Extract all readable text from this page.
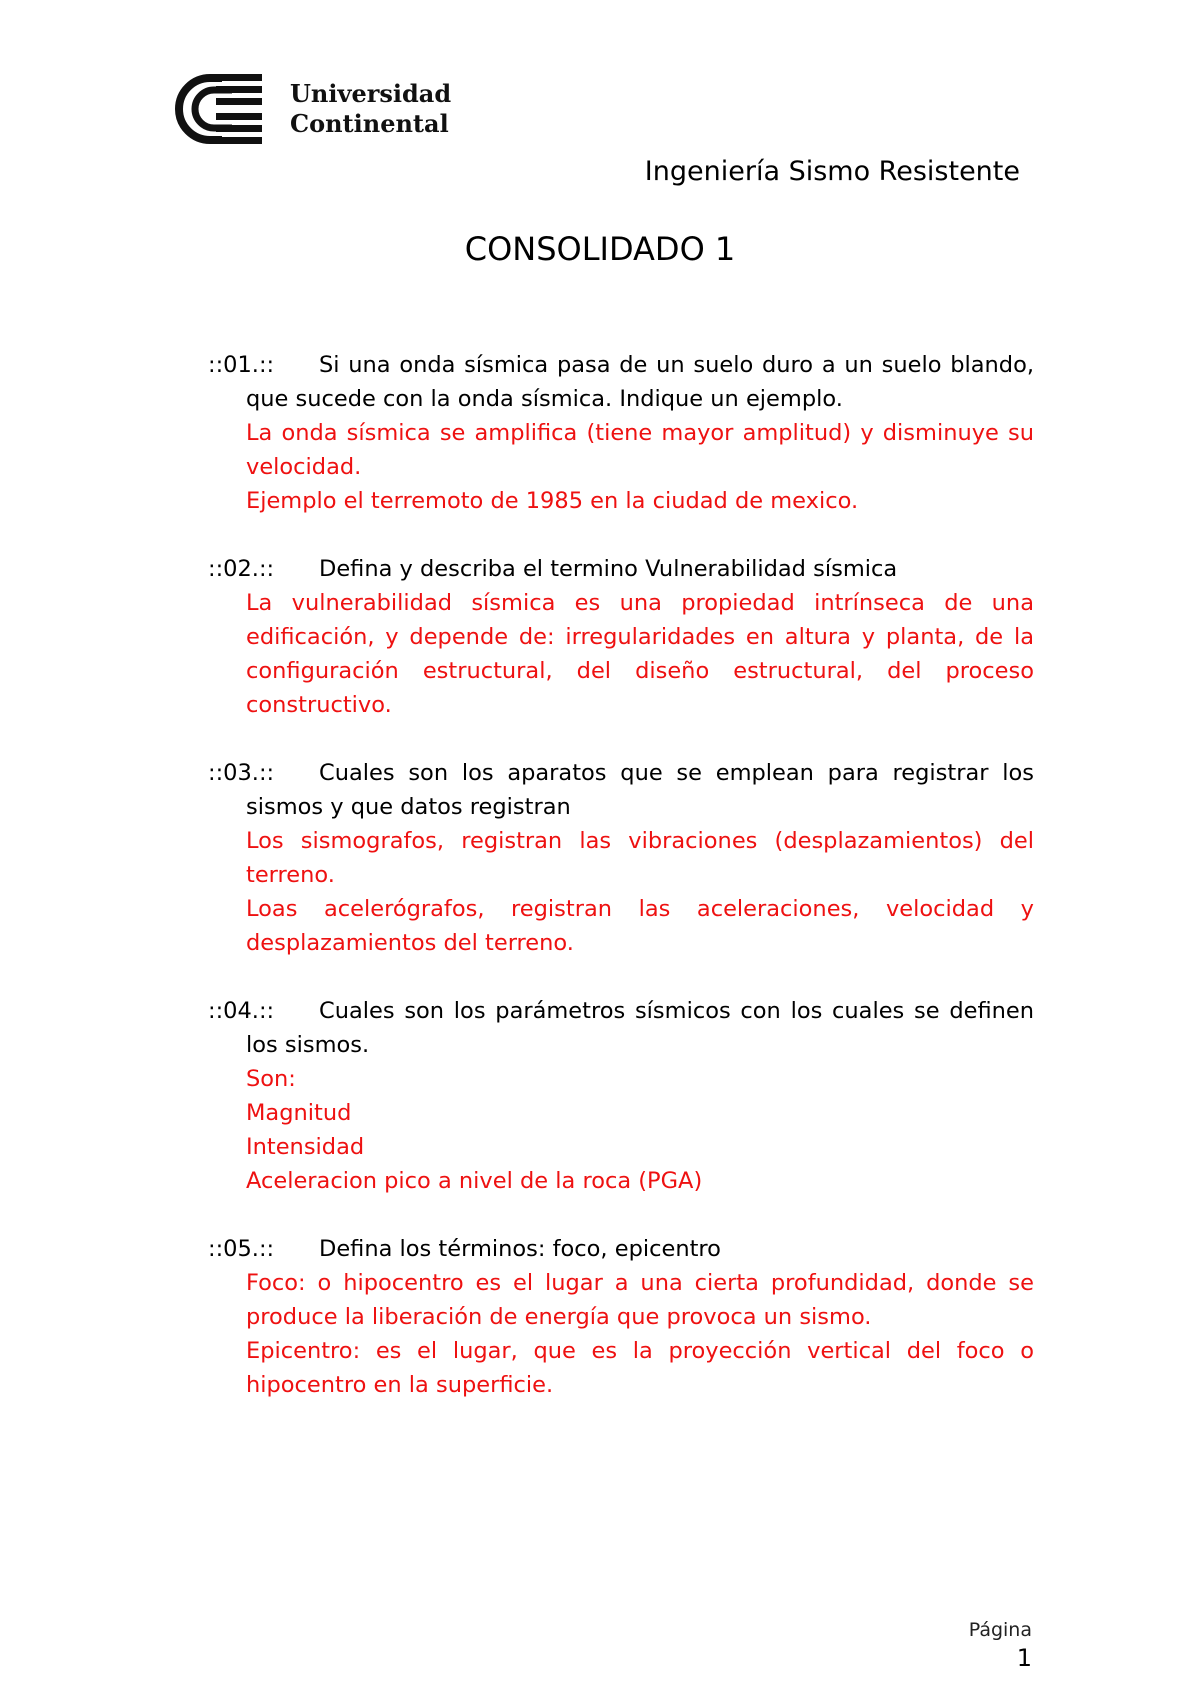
Universidad
Continental
Ingeniería Sismo Resistente
CONSOLIDADO 1
::01.::	Si una onda sísmica pasa de un suelo duro a un suelo blando, que sucede con la onda sísmica. Indique un ejemplo.

La onda sísmica se amplifica (tiene mayor amplitud) y disminuye su velocidad.

Ejemplo el terremoto de 1985 en la ciudad de mexico.

::02.::	Defina y describa el termino Vulnerabilidad sísmica

La vulnerabilidad sísmica es una propiedad intrínseca de una edificación, y depende de: irregularidades en altura y planta, de la configuración estructural, del diseño estructural, del proceso constructivo.

::03.::	Cuales son los aparatos que se emplean para registrar los sismos y que datos registran

Los sismografos, registran las vibraciones (desplazamientos) del terreno.

Loas acelerógrafos, registran las aceleraciones, velocidad y desplazamientos del terreno.

::04.::	Cuales son los parámetros sísmicos con los cuales se definen los sismos.

Son:

Magnitud

Intensidad

Aceleracion pico a nivel de la roca (PGA)

::05.::	Defina los términos: foco, epicentro

Foco: o hipocentro es el lugar a una cierta profundidad, donde se produce la liberación de energía que provoca un sismo.

Epicentro: es el lugar, que es la proyección vertical del foco o hipocentro en la superficie.

Página
1
